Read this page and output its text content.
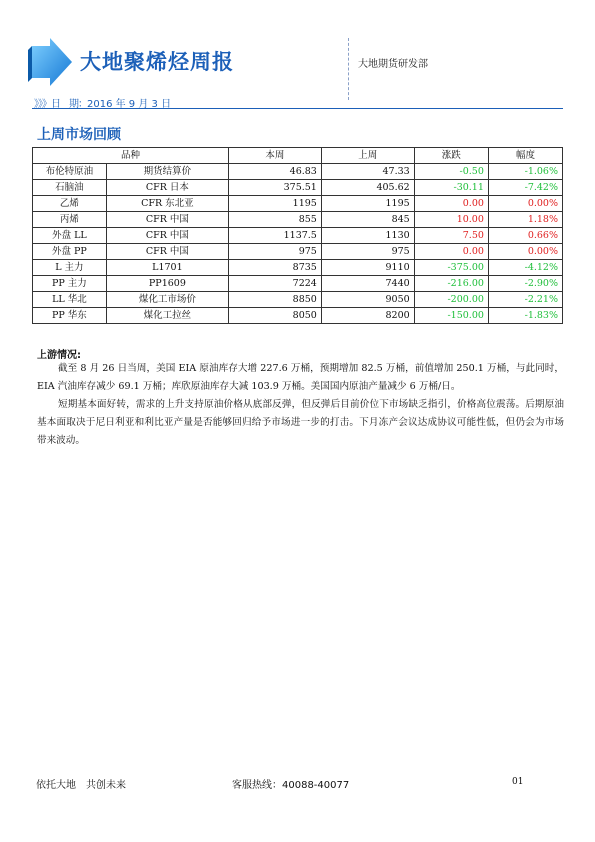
大地聚烯烃周报	大地期货研发部
》》》日　期：2016 年 9 月 3 日
上周市场回顾
品种		本周	上周	涨跌	幅度
布伦特原油	期货结算价	46.83	47.33	-0.50	-1.06%
石脑油	CFR 日本	375.51	405.62	-30.11	-7.42%
乙烯	CFR 东北亚	1195	1195	0.00	0.00%
丙烯	CFR 中国	855	845	10.00	1.18%
外盘 LL	CFR 中国	1137.5	1130	7.50	0.66%
外盘 PP	CFR 中国	975	975	0.00	0.00%
L 主力	L1701	8735	9110	-375.00	-4.12%
PP 主力	PP1609	7224	7440	-216.00	-2.90%
LL 华北	煤化工市场价	8850	9050	-200.00	-2.21%
PP 华东	煤化工拉丝	8050	8200	-150.00	-1.83%
上游情况:

截至 8 月 26 日当周，美国 EIA 原油库存大增 227.6 万桶，预期增加 82.5 万桶，前值增加 250.1 万桶，与此同时，EIA 汽油库存减少 69.1 万桶；库欣原油库存大减 103.9 万桶。美国国内原油产量减少 6 万桶/日。

短期基本面好转，需求的上升支持原油价格从底部反弹，但反弹后目前价位下市场缺乏指引，价格高位震荡。后期原油基本面取决于尼日利亚和利比亚产量是否能够回归给予市场进一步的打击。下月冻产会议达成协议可能性低，但仍会为市场带来波动。

依托大地　共创未来	客服热线：40088-40077	01
